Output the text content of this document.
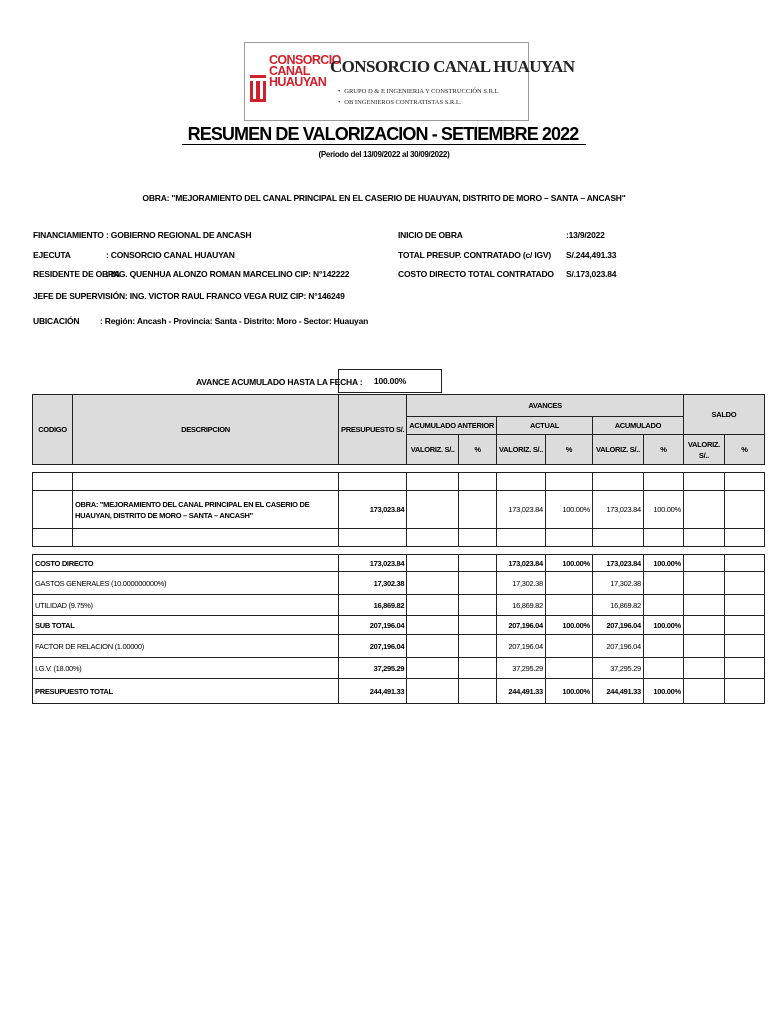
CONSORCIO
CANAL
HUAUYAN
CONSORCIO CANAL HUAUYAN
• GRUPO D & E INGENIERIA Y CONSTRUCCIÓN S.R.L
• OB INGENIEROS CONTRATISTAS S.R.L.
RESUMEN DE VALORIZACION - SETIEMBRE 2022
(Periodo del 13/09/2022 al 30/09/2022)
OBRA: "MEJORAMIENTO DEL CANAL PRINCIPAL EN EL CASERIO DE HUAUYAN, DISTRITO DE MORO – SANTA – ANCASH"
FINANCIAMIENTO : GOBIERNO REGIONAL DE ANCASH
EJECUTA	: CONSORCIO CANAL HUAUYAN
RESIDENTE DE OBRA
: ING. QUENHUA ALONZO ROMAN MARCELINO CIP: N°142222
JEFE DE SUPERVISIÓN: ING. VICTOR RAUL FRANCO VEGA RUIZ CIP: N°146249
UBICACIÓN : Región: Ancash - Provincia: Santa - Distrito: Moro - Sector: Huauyan
INICIO DE OBRA	:13/9/2022
TOTAL PRESUP. CONTRATADO (c/ IGV) S/.244,491.33
COSTO DIRECTO TOTAL CONTRATADO S/.173,023.84
AVANCE ACUMULADO HASTA LA FECHA :	100.00%
CODIGO	DESCRIPCION	PRESUPUESTO S/.	AVANCES						SALDO	
			ACUMULADO ANTERIOR		ACTUAL		ACUMULADO			
			VALORIZ. S/..	%	VALORIZ. S/..	%	VALORIZ. S/..	%	VALORIZ. S/..	%

	OBRA: "MEJORAMIENTO DEL CANAL PRINCIPAL EN EL CASERIO DE HUAUYAN, DISTRITO DE MORO – SANTA – ANCASH"	173,023.84			173,023.84	100.00%	173,023.84	100.00%		

COSTO DIRECTO		173,023.84			173,023.84	100.00%	173,023.84	100.00%		
GASTOS GENERALES (10.000000000%)		17,302.38			17,302.38		17,302.38			
UTILIDAD (9.75%)		16,869.82			16,869.82		16,869.82			
SUB TOTAL		207,196.04			207,196.04	100.00%	207,196.04	100.00%		
FACTOR DE RELACION (1.00000)		207,196.04			207,196.04		207,196.04			
I.G.V. (18.00%)		37,295.29			37,295.29		37,295.29			
PRESUPUESTO TOTAL		244,491.33			244,491.33	100.00%	244,491.33	100.00%		
